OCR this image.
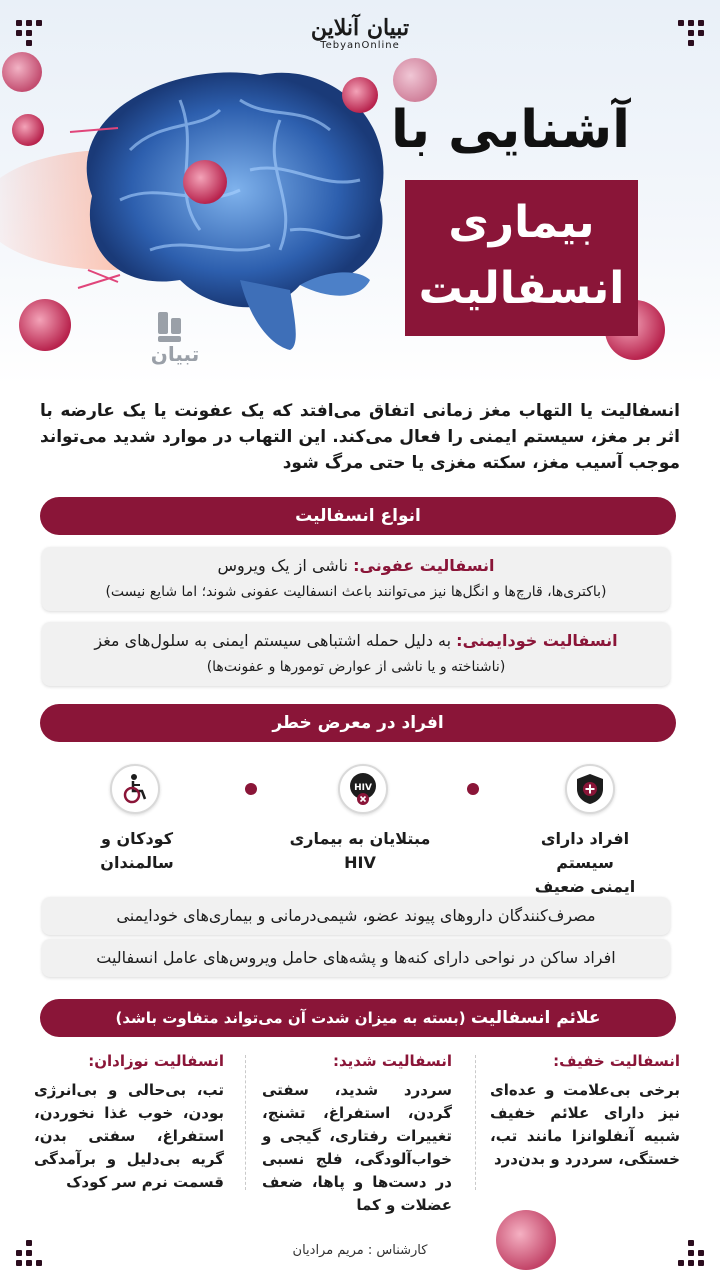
تبیان آنلاین
TebyanOnline
تبیان
آشنایی با
بیماری
انسفالیت
انسفالیت یا التهاب مغز زمانی اتفاق می‌افتد که یک عفونت یا یک عارضه با اثر بر مغز، سیستم ایمنی را فعال می‌کند. این التهاب در موارد شدید می‌تواند موجب آسیب مغز، سکته مغزی یا حتی مرگ شود
انواع انسفالیت
انسفالیت عفونی: ناشی از یک ویروس
(باکتری‌ها، قارچ‌ها و انگل‌ها نیز می‌توانند باعث انسفالیت عفونی شوند؛ اما شایع نیست)
انسفالیت خودایمنی: به دلیل حمله اشتباهی سیستم ایمنی به سلول‌های مغز
(ناشناخته و یا ناشی از عوارض تومورها و عفونت‌ها)
افراد در معرض خطر
HIV
افراد دارای سیستم
ایمنی ضعیف
مبتلایان به بیماری
HIV
کودکان و
سالمندان
مصرف‌کنندگان داروهای پیوند عضو، شیمی‌درمانی و بیماری‌های خودایمنی
افراد ساکن در نواحی دارای کنه‌ها و پشه‌های حامل ویروس‌های عامل انسفالیت
علائم انسفالیت (بسته به میزان شدت آن می‌تواند متفاوت باشد)
انسفالیت خفیف:
برخی بی‌علامت و عده‌ای نیز دارای علائم خفیف شبیه آنفلوانزا مانند تب، خستگی، سردرد و بدن‌درد
انسفالیت شدید:
سردرد شدید، سفتی گردن، استفراغ، تشنج، تغییرات رفتاری، گیجی و خواب‌آلودگی، فلج نسبی در دست‌ها و پاها، ضعف عضلات و کما
انسفالیت نوزادان:
تب، بی‌حالی و بی‌انرژی بودن، خوب غذا نخوردن، استفراغ، سفتی بدن، گریه بی‌دلیل و برآمدگی قسمت نرم سر کودک
کارشناس : مریم مرادیان
